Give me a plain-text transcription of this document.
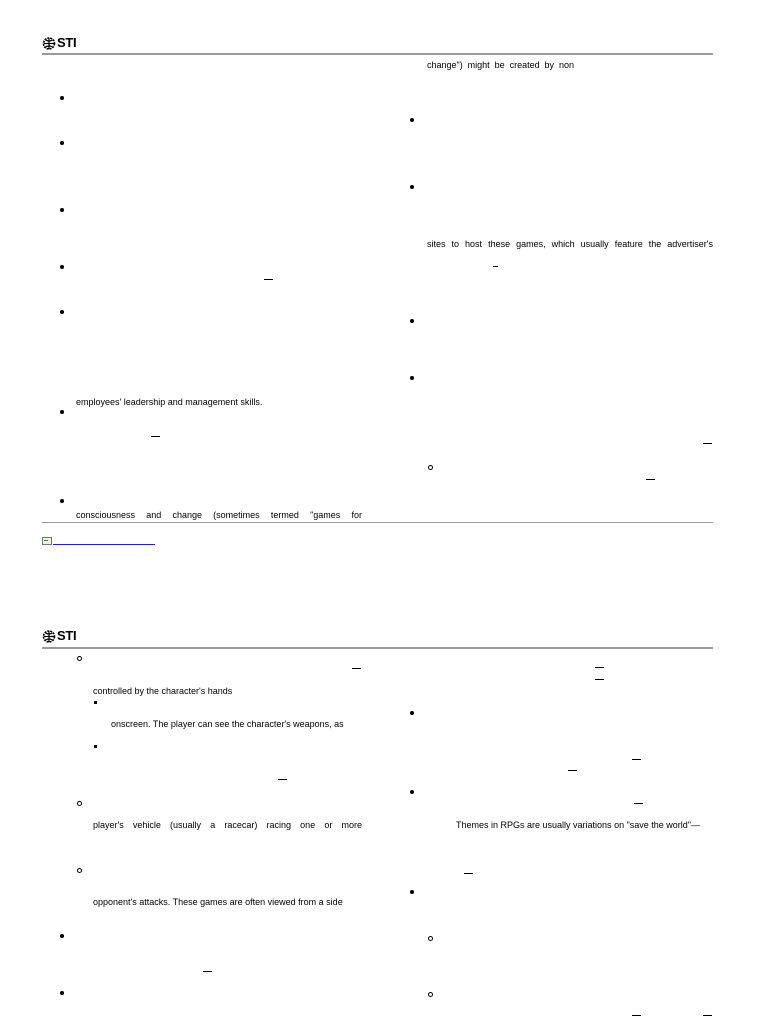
STI
employees' leadership and management skills.
consciousness and change (sometimes termed "games for
change") might be created by non
sites to host these games, which usually feature the advertiser's
STI
controlled by the character's hands
onscreen. The player can see the character's weapons, as
player's vehicle (usually a racecar) racing one or more
opponent's attacks. These games are often viewed from a side
Themes in RPGs are usually variations on "save the world"—
